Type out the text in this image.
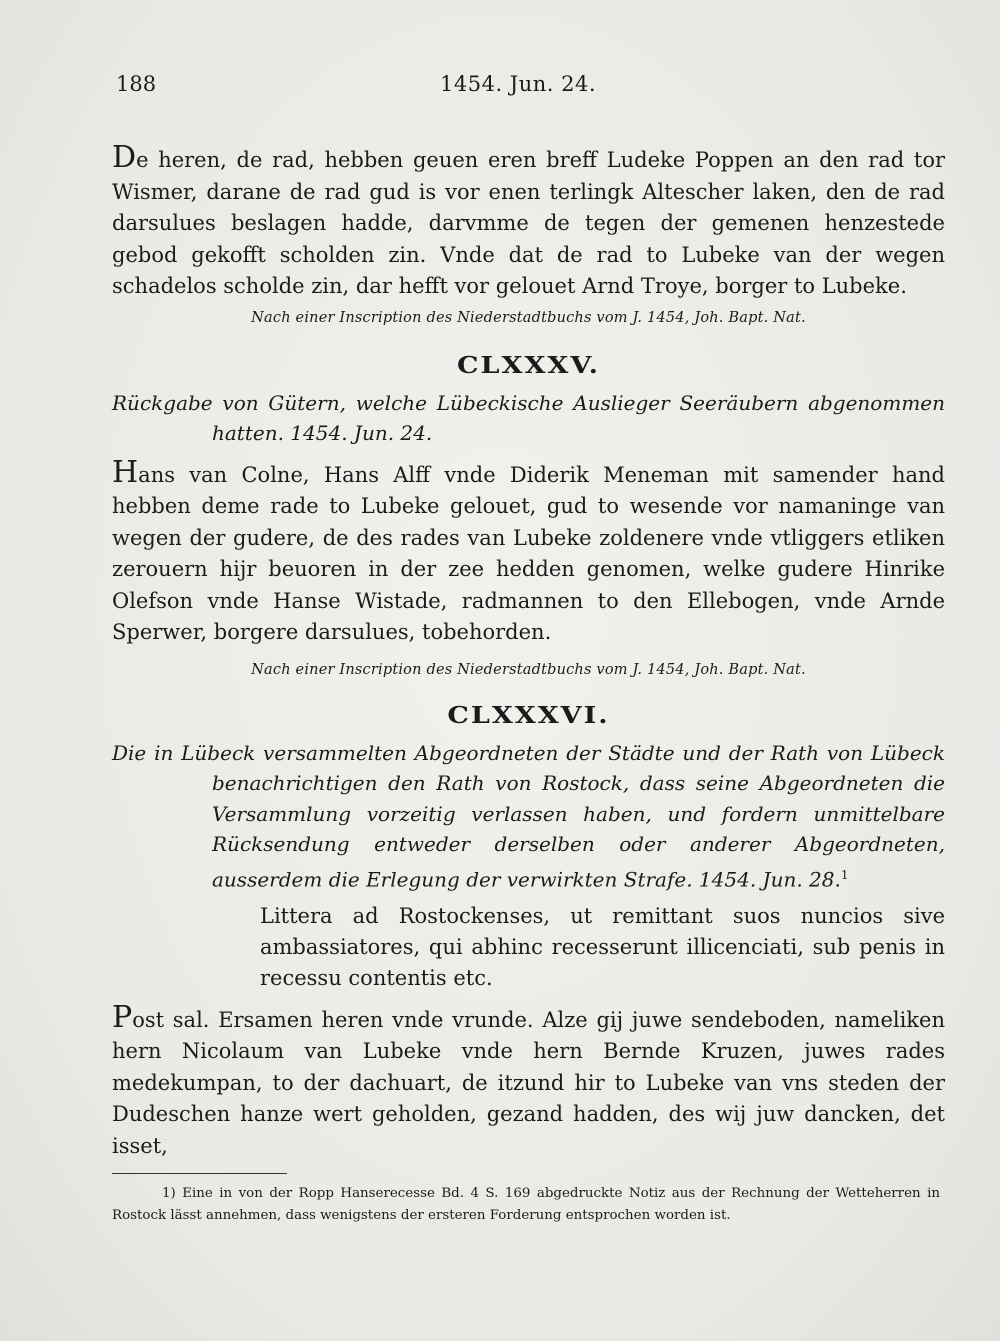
188	1454. Jun. 24.

De heren, de rad, hebben geuen eren breff Ludeke Poppen an den rad tor Wismer, darane de rad gud is vor enen terlingk Altescher laken, den de rad darsulues beslagen hadde, darvmme de tegen der gemenen henzestede gebod gekofft scholden zin. Vnde dat de rad to Lubeke van der wegen schadelos scholde zin, dar hefft vor gelouet Arnd Troye, borger to Lubeke.

Nach einer Inscription des Niederstadtbuchs vom J. 1454, Joh. Bapt. Nat.

CLXXXV.

Rückgabe von Gütern, welche Lübeckische Auslieger Seeräubern abgenommen hatten. 1454. Jun. 24.

Hans van Colne, Hans Alff vnde Diderik Meneman mit samender hand hebben deme rade to Lubeke gelouet, gud to wesende vor namaninge van wegen der gudere, de des rades van Lubeke zoldenere vnde vtliggers etliken zerouern hijr beuoren in der zee hedden genomen, welke gudere Hinrike Olefson vnde Hanse Wistade, radmannen to den Ellebogen, vnde Arnde Sperwer, borgere darsulues, tobehorden.

Nach einer Inscription des Niederstadtbuchs vom J. 1454, Joh. Bapt. Nat.

CLXXXVI.

Die in Lübeck versammelten Abgeordneten der Städte und der Rath von Lübeck benachrichtigen den Rath von Rostock, dass seine Abgeordneten die Versammlung vorzeitig verlassen haben, und fordern unmittelbare Rücksendung entweder derselben oder anderer Abgeordneten, ausserdem die Erlegung der verwirkten Strafe. 1454. Jun. 28.$^1$

Littera ad Rostockenses, ut remittant suos nuncios sive ambassiatores, qui abhinc recesserunt illicenciati, sub penis in recessu contentis etc.

Post sal. Ersamen heren vnde vrunde. Alze gij juwe sendeboden, nameliken hern Nicolaum van Lubeke vnde hern Bernde Kruzen, juwes rades medekumpan, to der dachuart, de itzund hir to Lubeke van vns steden der Dudeschen hanze wert geholden, gezand hadden, des wij juw dancken, det isset,

1) Eine in von der Ropp Hanserecesse Bd. 4 S. 169 abgedruckte Notiz aus der Rechnung der Wetteherren in Rostock lässt annehmen, dass wenigstens der ersteren Forderung entsprochen worden ist.
